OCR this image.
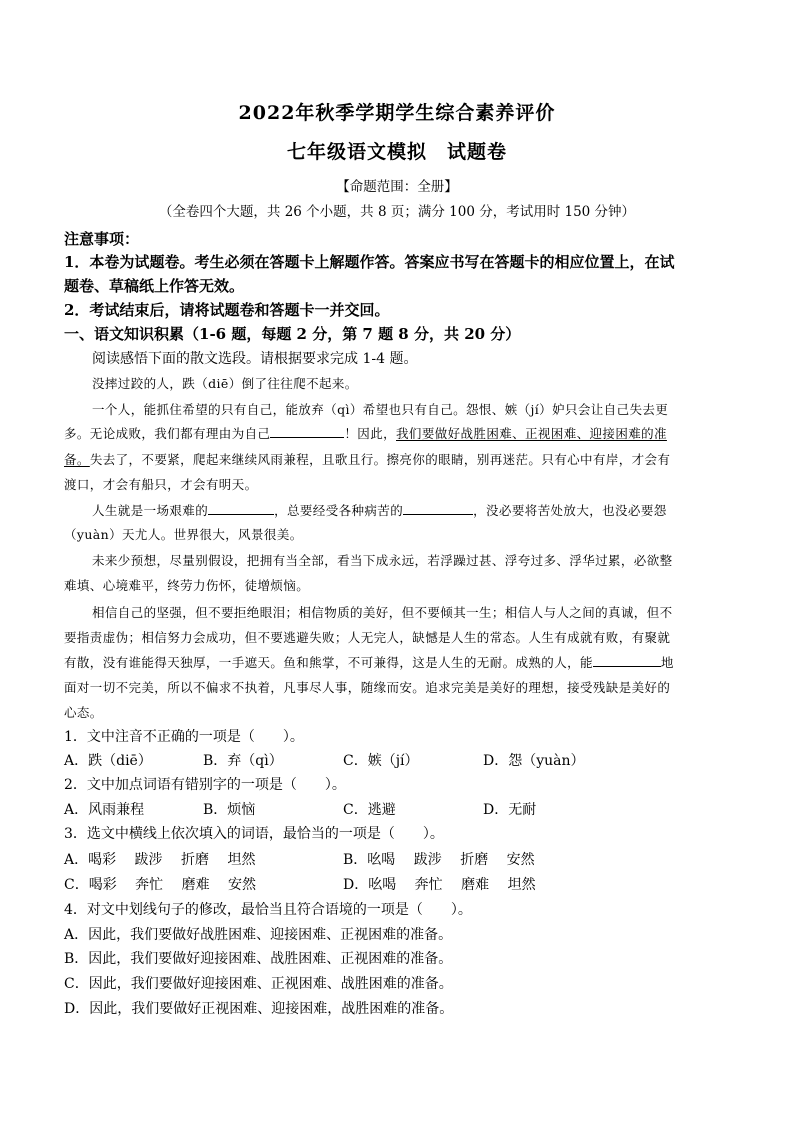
2022年秋季学期学生综合素养评价
七年级语文模拟　试题卷
【命题范围：全册】
（全卷四个大题，共 26 个小题，共 8 页；满分 100 分，考试用时 150 分钟）
注意事项：
1．本卷为试题卷。考生必须在答题卡上解题作答。答案应书写在答题卡的相应位置上，在试
题卷、草稿纸上作答无效。
2．考试结束后，请将试题卷和答题卡一并交回。
一、语文知识积累（1-6 题，每题 2 分，第 7 题 8 分，共 20 分）
阅读感悟下面的散文选段。请根据要求完成 1-4 题。
没摔过跤的人，跌（diē）倒了往往爬不起来。
一个人，能抓住希望的只有自己，能放弃（qì）希望也只有自己。怨恨、嫉（jí）妒只会让自己失去更
多。无论成败，我们都有理由为自己	！因此，我们要做好战胜困难、正视困难、迎接困难的准
备。失去了，不要紧，爬起来继续风雨兼程，且歌且行。擦亮你的眼睛，别再迷茫。只有心中有岸，才会有
渡口，才会有船只，才会有明天。
人生就是一场艰难的	，总要经受各种病苦的	，没必要将苦处放大，也没必要怨
（yuàn）天尤人。世界很大，风景很美。
未来少预想，尽量别假设，把拥有当全部，看当下成永远，若浮躁过甚、浮夸过多、浮华过累，必欲整
难填、心境难平，终劳力伤怀，徒增烦恼。
相信自己的坚强，但不要拒绝眼泪；相信物质的美好，但不要倾其一生；相信人与人之间的真诚，但不
要指责虚伪；相信努力会成功，但不要逃避失败；人无完人，缺憾是人生的常态。人生有成就有败，有聚就
有散，没有谁能得天独厚，一手遮天。鱼和熊掌，不可兼得，这是人生的无耐。成熟的人，能	地
面对一切不完美，所以不偏求不执着，凡事尽人事，随缘而安。追求完美是美好的理想，接受残缺是美好的
心态。
1．文中注音不正确的一项是（　　）。
A．跌（diē）	B．弃（qì）	C．嫉（jí）	D．怨（yuàn）
2．文中加点词语有错别字的一项是（　　）。
A．风雨兼程	B．烦恼	C．逃避	D．无耐
3．选文中横线上依次填入的词语，最恰当的一项是（　　）。
A．喝彩　 跋涉　 折磨　 坦然	B．吆喝　 跋涉　 折磨　 安然
C．喝彩　 奔忙　 磨难　 安然	D．吆喝　 奔忙　 磨难　 坦然
4．对文中划线句子的修改，最恰当且符合语境的一项是（　　）。
A．因此，我们要做好战胜困难、迎接困难、正视困难的准备。
B．因此，我们要做好迎接困难、战胜困难、正视困难的准备。
C．因此，我们要做好迎接困难、正视困难、战胜困难的准备。
D．因此，我们要做好正视困难、迎接困难，战胜困难的准备。
